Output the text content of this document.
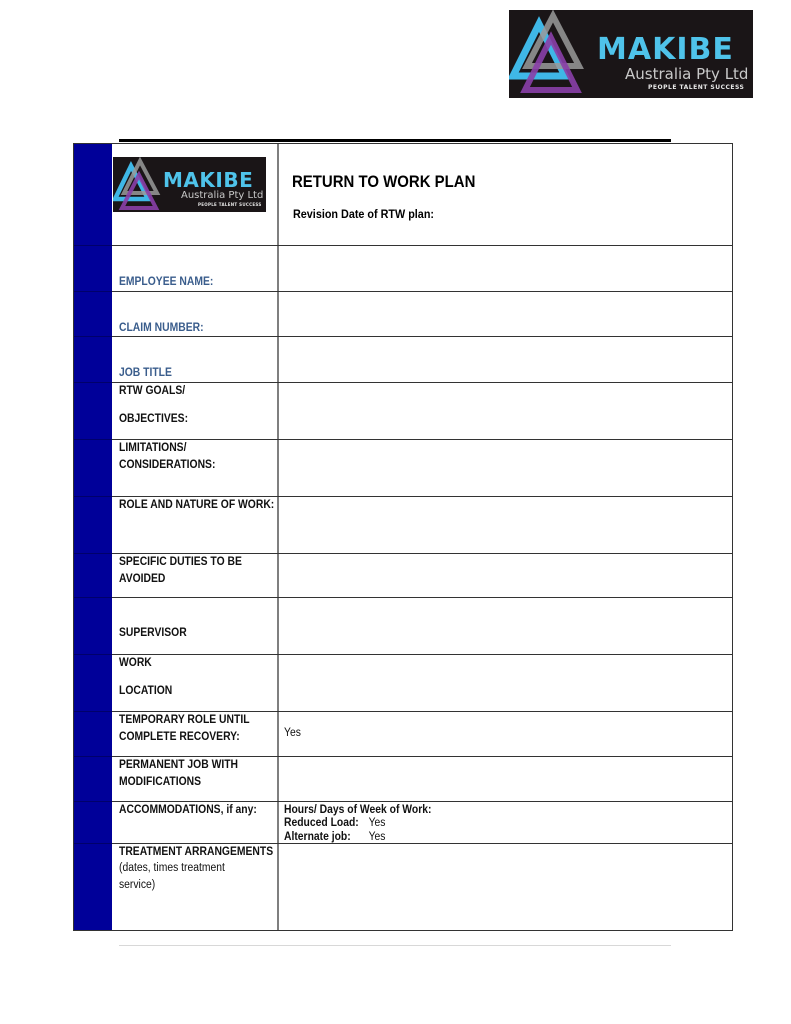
MAKIBE
Australia Pty Ltd
PEOPLE TALENT SUCCESS
MAKIBE
Australia Pty Ltd
PEOPLE TALENT SUCCESS
RETURN TO WORK PLAN
Revision Date of RTW plan:
EMPLOYEE NAME:
CLAIM NUMBER:
JOB TITLE
RTW GOALS/
OBJECTIVES:
LIMITATIONS/
CONSIDERATIONS:
ROLE AND NATURE OF WORK:
SPECIFIC DUTIES TO BE
AVOIDED
SUPERVISOR
WORK
LOCATION
TEMPORARY ROLE UNTIL
COMPLETE RECOVERY:	Yes
PERMANENT JOB WITH
MODIFICATIONS
ACCOMMODATIONS, if any:	Hours/ Days of Week of Work:
Reduced Load: Yes
Alternate job: Yes
TREATMENT ARRANGEMENTS
(dates, times treatment
service)
